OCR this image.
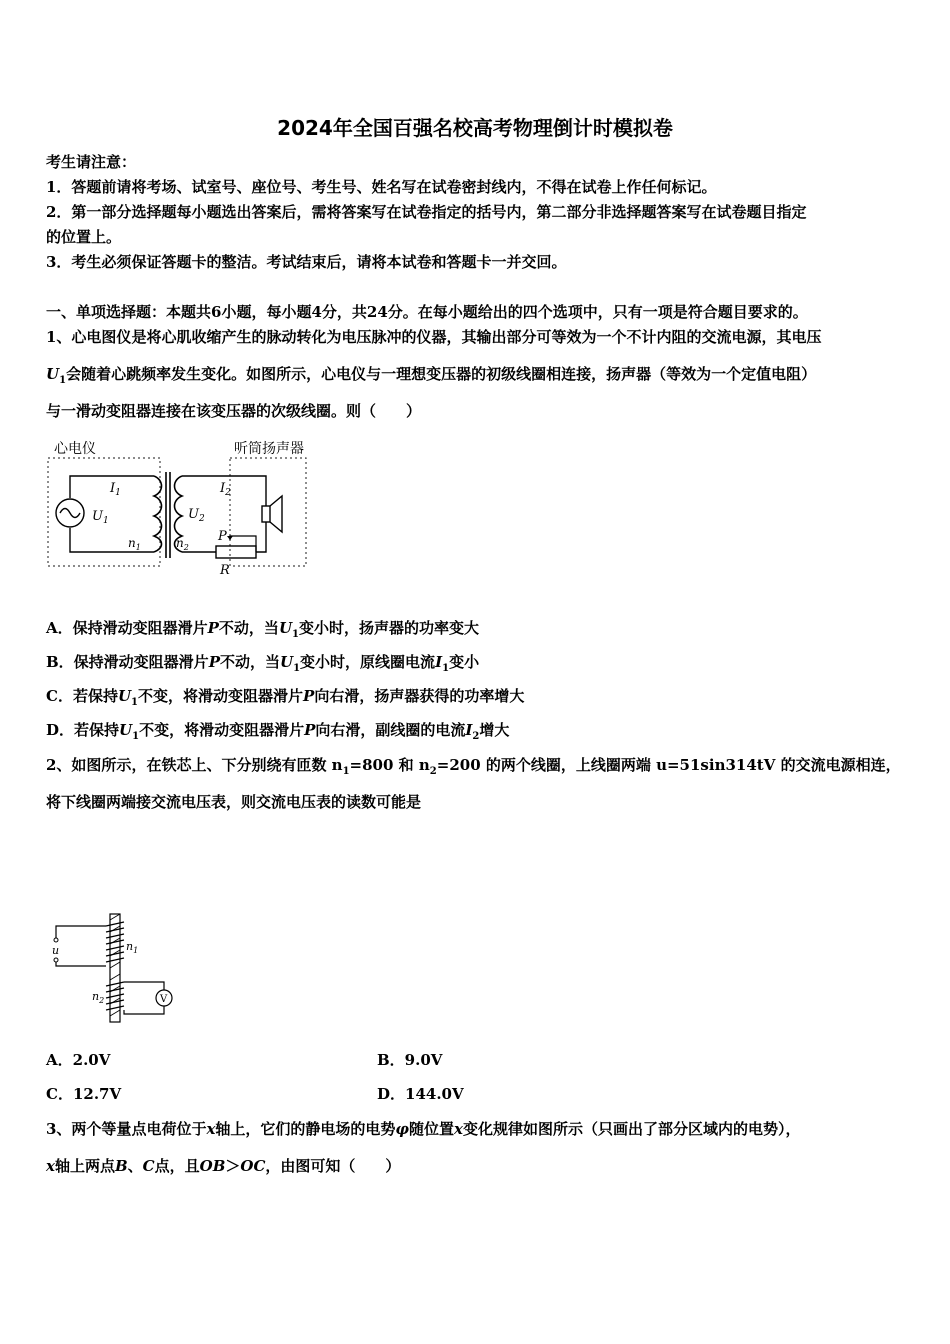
2024年全国百强名校高考物理倒计时模拟卷
考生请注意：
1．答题前请将考场、试室号、座位号、考生号、姓名写在试卷密封线内，不得在试卷上作任何标记。
2．第一部分选择题每小题选出答案后，需将答案写在试卷指定的括号内，第二部分非选择题答案写在试卷题目指定
的位置上。
3．考生必须保证答题卡的整洁。考试结束后，请将本试卷和答题卡一并交回。
一、单项选择题：本题共6小题，每小题4分，共24分。在每小题给出的四个选项中，只有一项是符合题目要求的。
1、心电图仪是将心肌收缩产生的脉动转化为电压脉冲的仪器，其输出部分可等效为一个不计内阻的交流电源，其电压
$U_1$会随着心跳频率发生变化。如图所示，心电仪与一理想变压器的初级线圈相连接，扬声器（等效为一个定值电阻）
与一滑动变阻器连接在该变压器的次级线圈。则（　　）
心电仪	听筒扬声器
$I_1$
$U_1$
$n_1$
$U_2$
$n_2$
$I_2$
P
R
A．保持滑动变阻器滑片P不动，当$U_1$变小时，扬声器的功率变大
B．保持滑动变阻器滑片P不动，当$U_1$变小时，原线圈电流$I_1$变小
C．若保持$U_1$不变，将滑动变阻器滑片P向右滑，扬声器获得的功率增大
D．若保持$U_1$不变，将滑动变阻器滑片P向右滑，副线圈的电流$I_2$增大
2、如图所示，在铁芯上、下分别绕有匝数 $n_1=800$ 和 $n_2=200$ 的两个线圈，上线圈两端 u=51sin314tV 的交流电源相连，
将下线圈两端接交流电压表，则交流电压表的读数可能是
u	$n_1$
V
$n_2$
A．2.0V	B．9.0V
C．12.7V	D．144.0V
3、两个等量点电荷位于x轴上，它们的静电场的电势φ随位置x变化规律如图所示（只画出了部分区域内的电势），
x轴上两点B、C点，且OB＞OC，由图可知（　　）
